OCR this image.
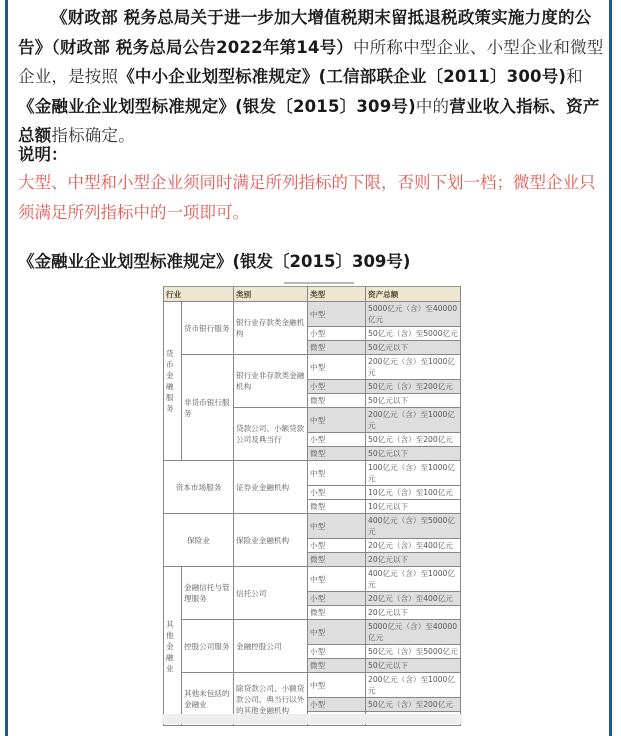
《财政部 税务总局关于进一步加大增值税期末留抵退税政策实施力度的公告》（财政部 税务总局公告2022年第14号）中所称中型企业、小型企业和微型企业，是按照《中小企业划型标准规定》(工信部联企业〔2011〕300号)和《金融业企业划型标准规定》(银发〔2015〕309号)中的营业收入指标、资产总额指标确定。
说明：
大型、中型和小型企业须同时满足所列指标的下限，否则下划一档；微型企业只须满足所列指标中的一项即可。
《金融业企业划型标准规定》(银发〔2015〕309号)
行业		类别	类型	资产总额
货币金融服务	货币银行服务	银行业存款类金融机构	中型	5000亿元（含）至40000亿元
			小型	50亿元（含）至5000亿元
			微型	50亿元以下
	非货币银行服务	银行业非存款类金融机构	中型	200亿元（含）至1000亿元
			小型	50亿元（含）至200亿元
			微型	50亿元以下
		贷款公司、小额贷款公司及典当行	中型	200亿元（含）至1000亿元
			小型	50亿元（含）至200亿元
			微型	50亿元以下
资本市场服务		证券业金融机构	中型	100亿元（含）至1000亿元
			小型	10亿元（含）至100亿元
			微型	10亿元以下
保险业		保险业金融机构	中型	400亿元（含）至5000亿元
			小型	20亿元（含）至400亿元
			微型	20亿元以下
其他金融业	金融信托与管理服务	信托公司	中型	400亿元（含）至1000亿元
			小型	20亿元（含）至400亿元
			微型	20亿元以下
	控股公司服务	金融控股公司	中型	5000亿元（含）至40000亿元
			小型	50亿元（含）至5000亿元
			微型	50亿元以下
	其他未包括的金融业	除贷款公司、小额贷款公司、典当行以外的其他金融机构	中型	200亿元（含）至1000亿元
			小型	50亿元（含）至200亿元
